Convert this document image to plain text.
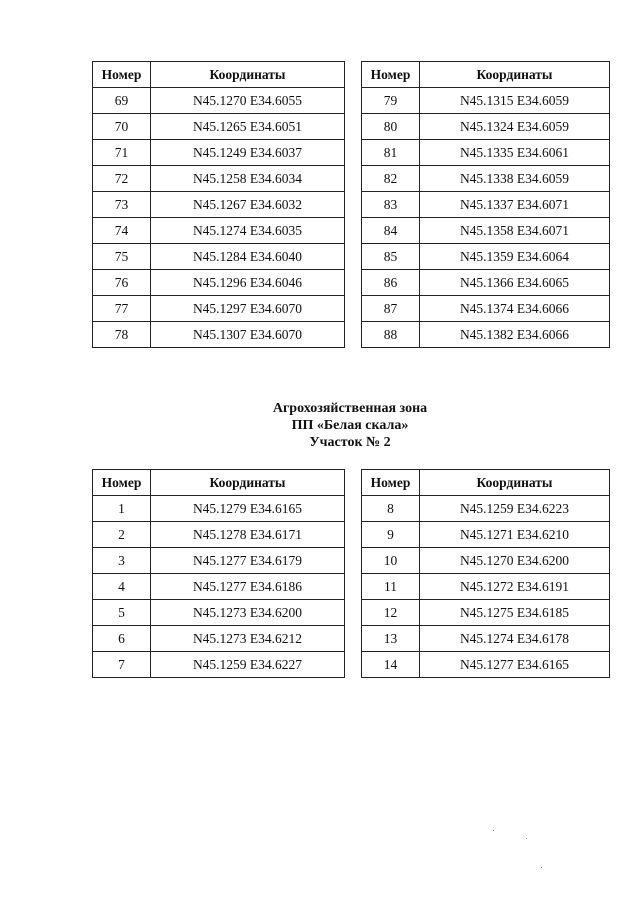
Номер	Координаты
69	N45.1270 E34.6055
70	N45.1265 E34.6051
71	N45.1249 E34.6037
72	N45.1258 E34.6034
73	N45.1267 E34.6032
74	N45.1274 E34.6035
75	N45.1284 E34.6040
76	N45.1296 E34.6046
77	N45.1297 E34.6070
78	N45.1307 E34.6070
Номер	Координаты
79	N45.1315 E34.6059
80	N45.1324 E34.6059
81	N45.1335 E34.6061
82	N45.1338 E34.6059
83	N45.1337 E34.6071
84	N45.1358 E34.6071
85	N45.1359 E34.6064
86	N45.1366 E34.6065
87	N45.1374 E34.6066
88	N45.1382 E34.6066
Агрохозяйственная зона
ПП «Белая скала»
Участок № 2
Номер	Координаты
1	N45.1279 E34.6165
2	N45.1278 E34.6171
3	N45.1277 E34.6179
4	N45.1277 E34.6186
5	N45.1273 E34.6200
6	N45.1273 E34.6212
7	N45.1259 E34.6227
Номер	Координаты
8	N45.1259 E34.6223
9	N45.1271 E34.6210
10	N45.1270 E34.6200
11	N45.1272 E34.6191
12	N45.1275 E34.6185
13	N45.1274 E34.6178
14	N45.1277 E34.6165
